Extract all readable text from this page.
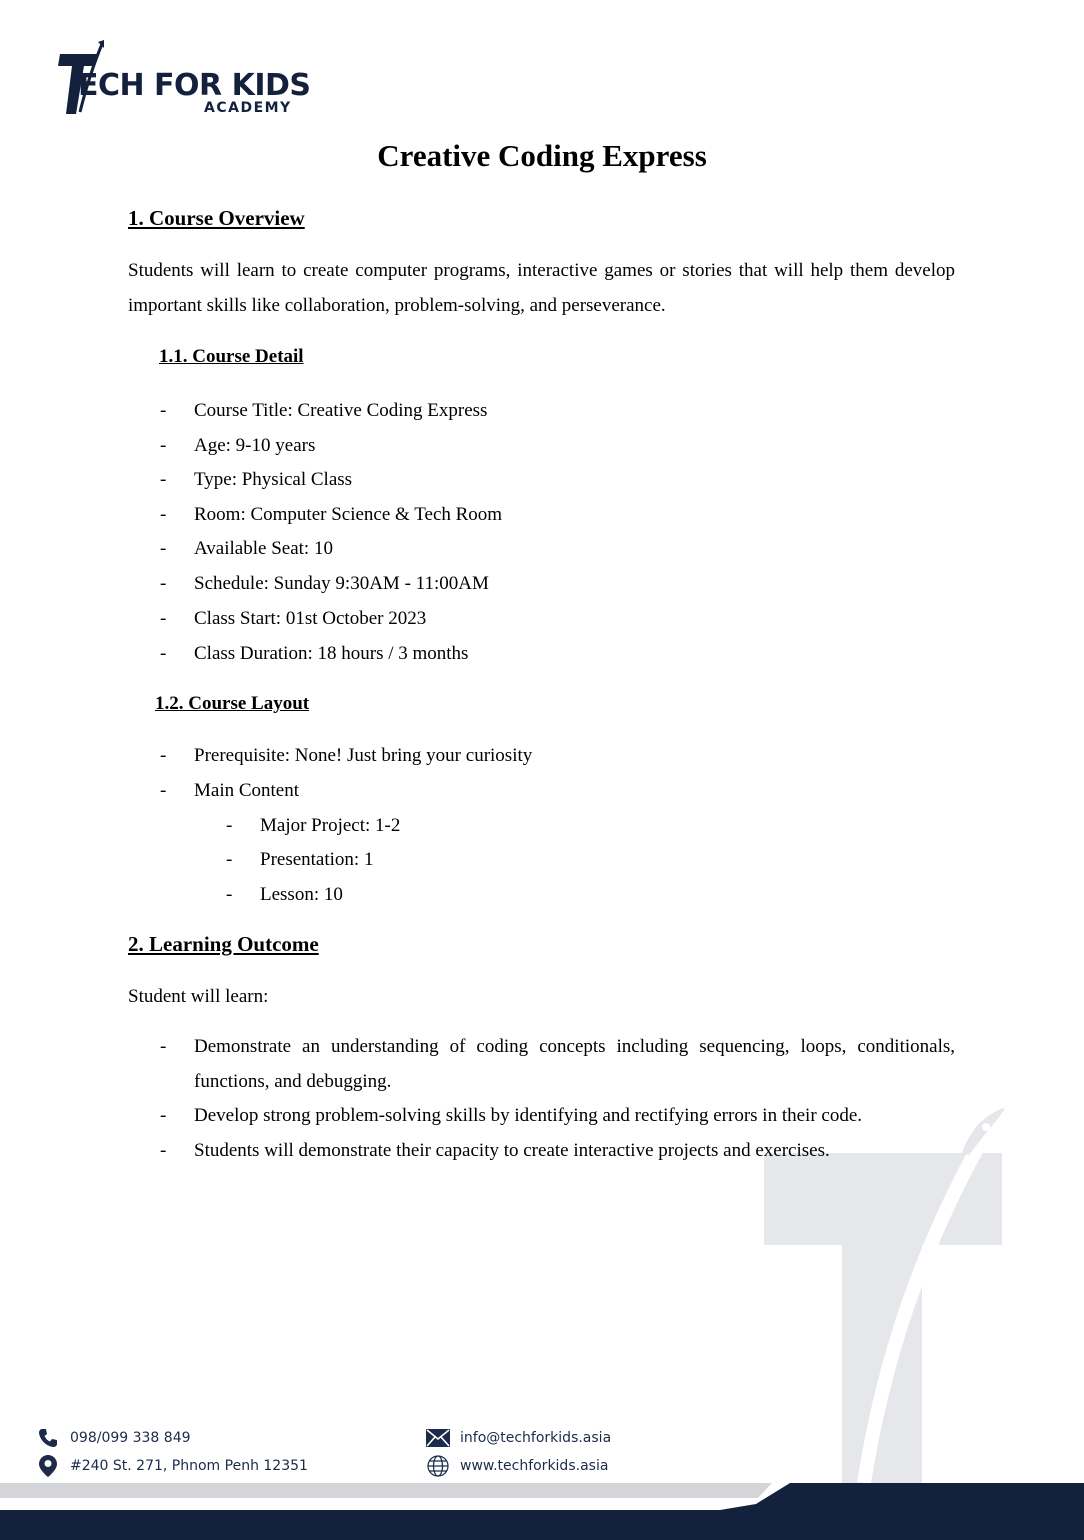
ECH FOR KIDS
ACADEMY
Creative Coding Express
1. Course Overview

Students will learn to create computer programs, interactive games or stories that will help them develop important skills like collaboration, problem-solving, and perseverance.

1.1. Course Detail
- Course Title: Creative Coding Express
- Age: 9-10 years
- Type: Physical Class
- Room: Computer Science & Tech Room
- Available Seat: 10
- Schedule: Sunday 9:30AM - 11:00AM
- Class Start: 01st October 2023
- Class Duration: 18 hours / 3 months
1.2. Course Layout
- Prerequisite: None! Just bring your curiosity
- Main Content
- Major Project: 1-2
- Presentation: 1
- Lesson: 10
2. Learning Outcome

Student will learn:

- Demonstrate an understanding of coding concepts including sequencing, loops, conditionals, functions, and debugging.
- Develop strong problem-solving skills by identifying and rectifying errors in their code.
- Students will demonstrate their capacity to create interactive projects and exercises.
098/099 338 849
#240 St. 271, Phnom Penh 12351
info@techforkids.asia
www.techforkids.asia
